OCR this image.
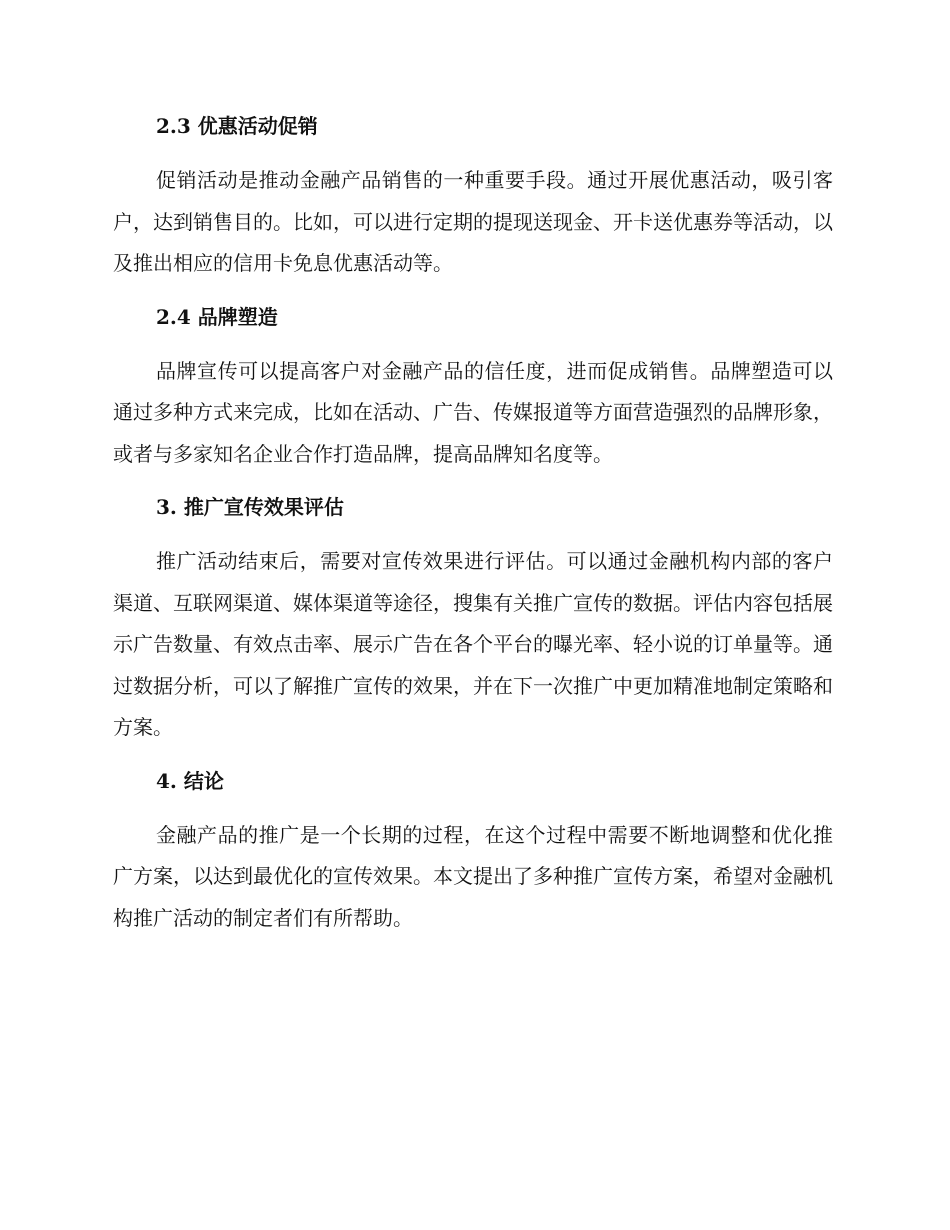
2.3 优惠活动促销

促销活动是推动金融产品销售的一种重要手段。通过开展优惠活动，吸引客户，达到销售目的。比如，可以进行定期的提现送现金、开卡送优惠券等活动，以及推出相应的信用卡免息优惠活动等。

2.4 品牌塑造

品牌宣传可以提高客户对金融产品的信任度，进而促成销售。品牌塑造可以通过多种方式来完成，比如在活动、广告、传媒报道等方面营造强烈的品牌形象，或者与多家知名企业合作打造品牌，提高品牌知名度等。

3. 推广宣传效果评估

推广活动结束后，需要对宣传效果进行评估。可以通过金融机构内部的客户渠道、互联网渠道、媒体渠道等途径，搜集有关推广宣传的数据。评估内容包括展示广告数量、有效点击率、展示广告在各个平台的曝光率、轻小说的订单量等。通过数据分析，可以了解推广宣传的效果，并在下一次推广中更加精准地制定策略和方案。

4. 结论

金融产品的推广是一个长期的过程，在这个过程中需要不断地调整和优化推广方案，以达到最优化的宣传效果。本文提出了多种推广宣传方案，希望对金融机构推广活动的制定者们有所帮助。
